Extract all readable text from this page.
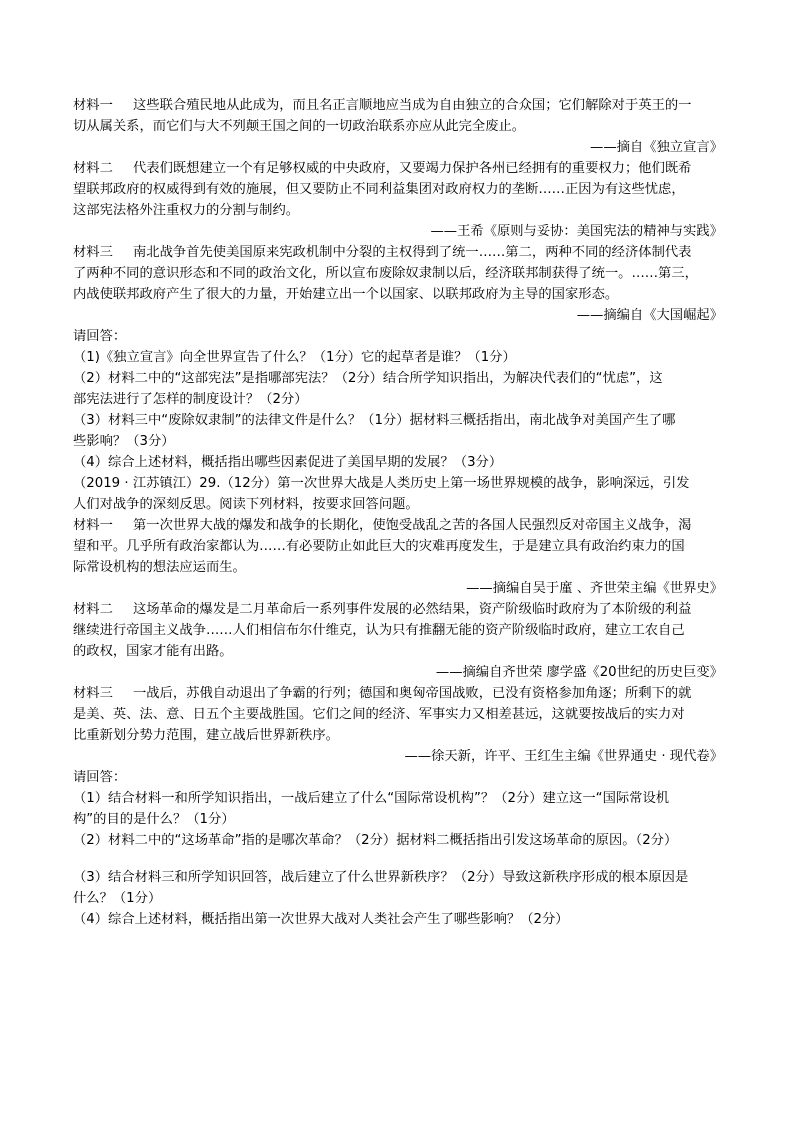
材料一 这些联合殖民地从此成为，而且名正言顺地应当成为自由独立的合众国；它们解除对于英王的一
切从属关系，而它们与大不列颠王国之间的一切政治联系亦应从此完全废止。
——摘自《独立宣言》
材料二 代表们既想建立一个有足够权威的中央政府，又要竭力保护各州已经拥有的重要权力；他们既希
望联邦政府的权威得到有效的施展，但又要防止不同利益集团对政府权力的垄断……正因为有这些忧虑，
这部宪法格外注重权力的分割与制约。
——王希《原则与妥协：美国宪法的精神与实践》
材料三 南北战争首先使美国原来宪政机制中分裂的主权得到了统一……第二，两种不同的经济体制代表
了两种不同的意识形态和不同的政治文化，所以宣布废除奴隶制以后，经济联邦制获得了统一。……第三，
内战使联邦政府产生了很大的力量，开始建立出一个以国家、以联邦政府为主导的国家形态。
——摘编自《大国崛起》
请回答：
（1)《独立宣言》向全世界宣告了什么？（1分）它的起草者是谁？（1分）
（2）材料二中的“这部宪法”是指哪部宪法？（2分）结合所学知识指出，为解决代表们的“忧虑”，这
部宪法进行了怎样的制度设计？（2分）
（3）材料三中“废除奴隶制”的法律文件是什么？（1分）据材料三概括指出，南北战争对美国产生了哪
些影响？（3分）
（4）综合上述材料，概括指出哪些因素促进了美国早期的发展？（3分）
（2019 · 江苏镇江）29.（12分）第一次世界大战是人类历史上第一场世界规模的战争，影响深远，引发
人们对战争的深刻反思。阅读下列材料，按要求回答问题。
材料一 第一次世界大战的爆发和战争的长期化，使饱受战乱之苦的各国人民强烈反对帝国主义战争，渴
望和平。几乎所有政治家都认为……有必要防止如此巨大的灾难再度发生，于是建立具有政治约束力的国
际常设机构的想法应运而生。
——摘编自吴于廑 、齐世荣主编《世界史》
材料二 这场革命的爆发是二月革命后一系列事件发展的必然结果，资产阶级临时政府为了本阶级的利益
继续进行帝国主义战争……人们相信布尔什维克，认为只有推翻无能的资产阶级临时政府，建立工农自己
的政权，国家才能有出路。
——摘编自齐世荣 廖学盛《20世纪的历史巨变》
材料三 一战后，苏俄自动退出了争霸的行列；德国和奥匈帝国战败，已没有资格参加角逐；所剩下的就
是美、英、法、意、日五个主要战胜国。它们之间的经济、军事实力又相差甚远，这就要按战后的实力对
比重新划分势力范围，建立战后世界新秩序。
——徐天新，许平、王红生主编《世界通史 · 现代卷》
请回答：
（1）结合材料一和所学知识指出，一战后建立了什么“国际常设机构”？（2分）建立这一“国际常设机
构”的目的是什么？（1分）
（2）材料二中的“这场革命”指的是哪次革命？（2分）据材料二概括指出引发这场革命的原因。（2分）
（3）结合材料三和所学知识回答，战后建立了什么世界新秩序？（2分）导致这新秩序形成的根本原因是
什么？（1分）
（4）综合上述材料，概括指出第一次世界大战对人类社会产生了哪些影响？（2分）
